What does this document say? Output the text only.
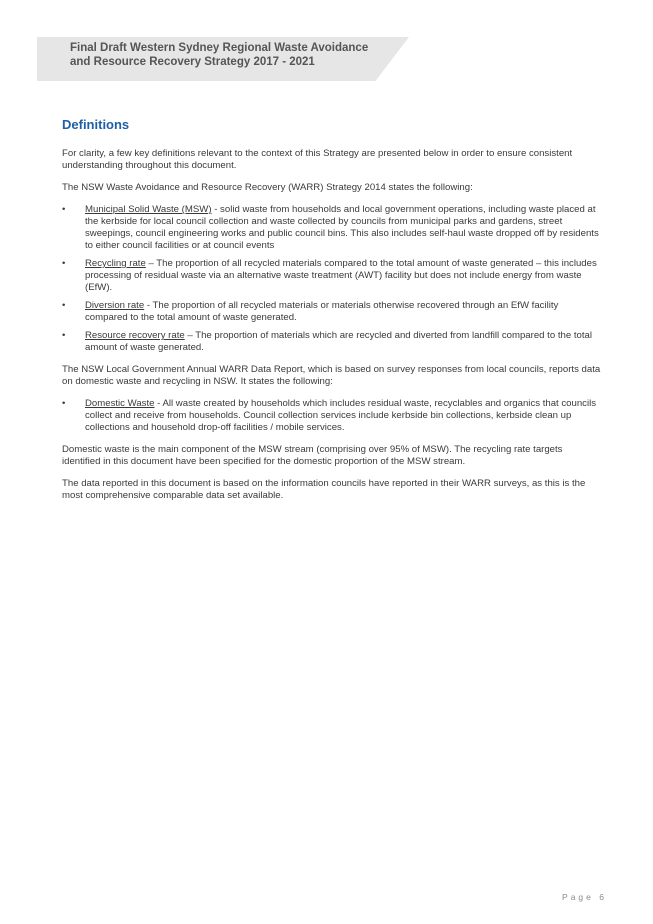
Final Draft Western Sydney Regional Waste Avoidance
and Resource Recovery Strategy 2017 - 2021
Definitions

For clarity, a few key definitions relevant to the context of this Strategy are presented below in order to ensure consistent understanding throughout this document.

The NSW Waste Avoidance and Resource Recovery (WARR) Strategy 2014 states the following:

• Municipal Solid Waste (MSW) - solid waste from households and local government operations, including waste placed at the kerbside for local council collection and waste collected by councils from municipal parks and gardens, street sweepings, council engineering works and public council bins. This also includes self-haul waste dropped off by residents to either council facilities or at council events
• Recycling rate – The proportion of all recycled materials compared to the total amount of waste generated – this includes processing of residual waste via an alternative waste treatment (AWT) facility but does not include energy from waste (EfW).
• Diversion rate - The proportion of all recycled materials or materials otherwise recovered through an EfW facility compared to the total amount of waste generated.
• Resource recovery rate – The proportion of materials which are recycled and diverted from landfill compared to the total amount of waste generated.

The NSW Local Government Annual WARR Data Report, which is based on survey responses from local councils, reports data on domestic waste and recycling in NSW. It states the following:

• Domestic Waste - All waste created by households which includes residual waste, recyclables and organics that councils collect and receive from households. Council collection services include kerbside bin collections, kerbside clean up collections and household drop-off facilities / mobile services.

Domestic waste is the main component of the MSW stream (comprising over 95% of MSW). The recycling rate targets identified in this document have been specified for the domestic proportion of the MSW stream.

The data reported in this document is based on the information councils have reported in their WARR surveys, as this is the most comprehensive comparable data set available.

Page 6
